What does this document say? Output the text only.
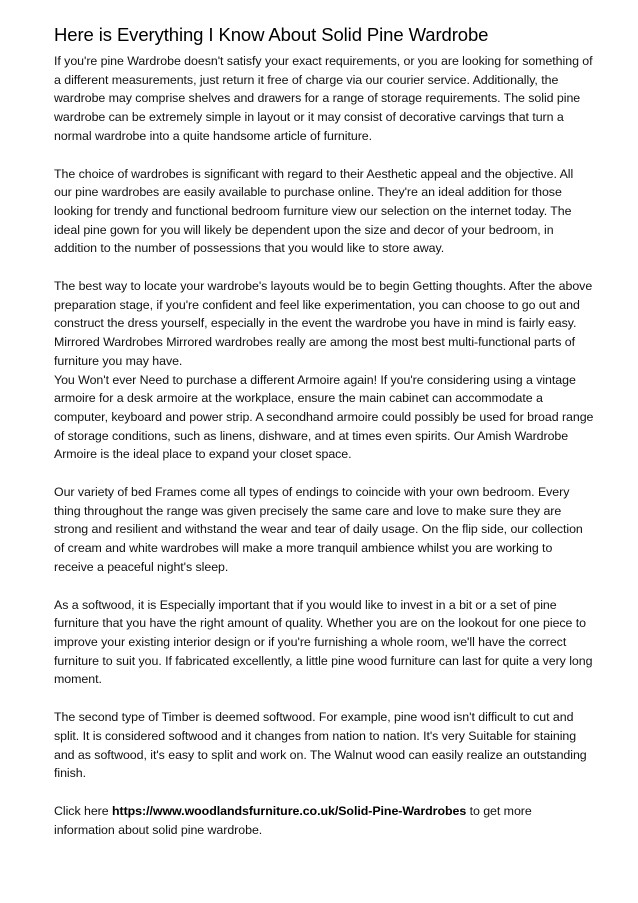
Here is Everything I Know About Solid Pine Wardrobe

If you're pine Wardrobe doesn't satisfy your exact requirements, or you are looking for something of a different measurements, just return it free of charge via our courier service. Additionally, the wardrobe may comprise shelves and drawers for a range of storage requirements. The solid pine wardrobe can be extremely simple in layout or it may consist of decorative carvings that turn a normal wardrobe into a quite handsome article of furniture.

The choice of wardrobes is significant with regard to their Aesthetic appeal and the objective. All our pine wardrobes are easily available to purchase online. They're an ideal addition for those looking for trendy and functional bedroom furniture view our selection on the internet today. The ideal pine gown for you will likely be dependent upon the size and decor of your bedroom, in addition to the number of possessions that you would like to store away.

The best way to locate your wardrobe's layouts would be to begin Getting thoughts. After the above preparation stage, if you're confident and feel like experimentation, you can choose to go out and construct the dress yourself, especially in the event the wardrobe you have in mind is fairly easy. Mirrored Wardrobes Mirrored wardrobes really are among the most best multi-functional parts of furniture you may have.

You Won't ever Need to purchase a different Armoire again! If you're considering using a vintage armoire for a desk armoire at the workplace, ensure the main cabinet can accommodate a computer, keyboard and power strip. A secondhand armoire could possibly be used for broad range of storage conditions, such as linens, dishware, and at times even spirits. Our Amish Wardrobe Armoire is the ideal place to expand your closet space.

Our variety of bed Frames come all types of endings to coincide with your own bedroom. Every thing throughout the range was given precisely the same care and love to make sure they are strong and resilient and withstand the wear and tear of daily usage. On the flip side, our collection of cream and white wardrobes will make a more tranquil ambience whilst you are working to receive a peaceful night's sleep.

As a softwood, it is Especially important that if you would like to invest in a bit or a set of pine furniture that you have the right amount of quality. Whether you are on the lookout for one piece to improve your existing interior design or if you're furnishing a whole room, we'll have the correct furniture to suit you. If fabricated excellently, a little pine wood furniture can last for quite a very long moment.

The second type of Timber is deemed softwood. For example, pine wood isn't difficult to cut and split. It is considered softwood and it changes from nation to nation. It's very Suitable for staining and as softwood, it's easy to split and work on. The Walnut wood can easily realize an outstanding finish.

Click here https://www.woodlandsfurniture.co.uk/Solid-Pine-Wardrobes to get more information about solid pine wardrobe.
